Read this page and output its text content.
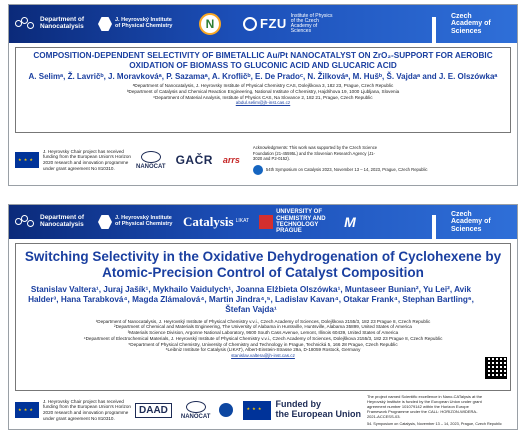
Department of Nanocatalysis
J. Heyrovský Institute of Physical Chemistry	N	FZU
Institute of Physics of the Czech Academy of Sciences
Czech Academy of Sciences
COMPOSITION-DEPENDENT SELECTIVITY OF BIMETALLIC Au/Pt NANOCATALYST ON ZrO₂-SUPPORT FOR AEROBIC OXIDATION OF BIOMASS TO GLUCONIC ACID AND GLUCARIC ACID
A. Selimᵃ, Ž. Lavričᵇ, J. Moravkováᵃ, P. Sazamaᵃ, A. Krofličᵇ, E. De Pradoᶜ, N. Žilkováᵃ, M. Hušᵇ, Š. Vajdaᵃ and J. E. Olszówkaᵃ
ᵃDepartment of Nanocatalysis, J. Heyrovsky Institute of Physical Chemistry CAS, Dolejškova 3, 182 23, Prague, Czech Republic
ᵇDepartment of Catalysis and Chemical Reaction Engineering, National Institute of Chemistry, Hajdrihova 19, 1000 Ljubljana, Slovenia
ᶜDepartment of Material Analysis, Institute of Physics CAS, Na Slovance 2, 182 21, Prague, Czech Republic
abdul.selim@jh-inst.cas.cz
★ ★ ★
J. Heyrovsky Chair project has received funding from the European Union's Horizon 2020 research and innovation programme under grant agreement No 810310.	NANOCAT GAČR arrs
Acknowledgments: This work was supported by the Czech Science Foundation (21-45595L) and the Slovenian Research Agency (J1-3020 and P2-0152).
54th Symposium on Catalysis 2023, November 13 – 14, 2023, Prague, Czech Republic
Department of Nanocatalysis
J. Heyrovský Institute of Physical Chemistry Catalysis LIKAT
UNIVERSITY OF CHEMISTRY AND TECHNOLOGY PRAGUE
M	Czech Academy of Sciences
Switching Selectivity in the Oxidative Dehydrogenation of Cyclohexene by Atomic-Precision Control of Catalyst Composition
Stanislav Valtera¹, Juraj Jašík¹, Mykhailo Vaidulych¹, Joanna Elżbieta Olszówka¹, Muntaseer Bunian², Yu Lei², Avik Halder³, Hana Tarabková⁴, Magda Zlámalová⁴, Martin Jindra⁴,⁵, Ladislav Kavan⁴, Otakar Frank⁴, Stephan Bartling⁶, Štefan Vajda¹
¹Department of Nanocatalysis, J. Heyrovský Institute of Physical Chemistry v.v.i., Czech Academy of Sciences, Dolejškova 2155/3, 182 23 Prague 8, Czech Republic
²Department of Chemical and Materials Engineering, The University of Alabama in Huntsville, Huntsville, Alabama 35899, United States of America
³Materials Science Division, Argonne National Laboratory, 9600 South Cass Avenue, Lemont, Illinois 60439, United States of America
⁴Department of Electrochemical Materials, J. Heyrovský Institute of Physical Chemistry v.v.i., Czech Academy of Sciences, Dolejškova 2155/3, 182 23 Prague 8, Czech Republic
⁵Department of Physical Chemistry, University of Chemistry and Technology in Prague, Technická 5, 166 28 Prague, Czech Republic
⁶Leibniz Institute for Catalysis (LIKAT), Albert-Einstein-Strasse 29a, D-18059 Rostock, Germany
stanislav.valtera@jh-inst.cas.cz
★ ★ ★
J. Heyrovsky Chair project has received funding from the European Union's Horizon 2020 research and innovation programme under grant agreement No 810310.
DAAD
NANOCAT
★ ★ ★
Funded by
the European Union
The project named Scientific excellence in Nano-CATalysis at the Heyrovský Institute is funded by the European Union under grant agreement number 101079142 within the Horizon Europe Framework Programme under the CALL: HORIZON-WIDERA-2021-ACCESS-03.
54. Symposium on Catalysis, November 13 – 14, 2023, Prague, Czech Republic
